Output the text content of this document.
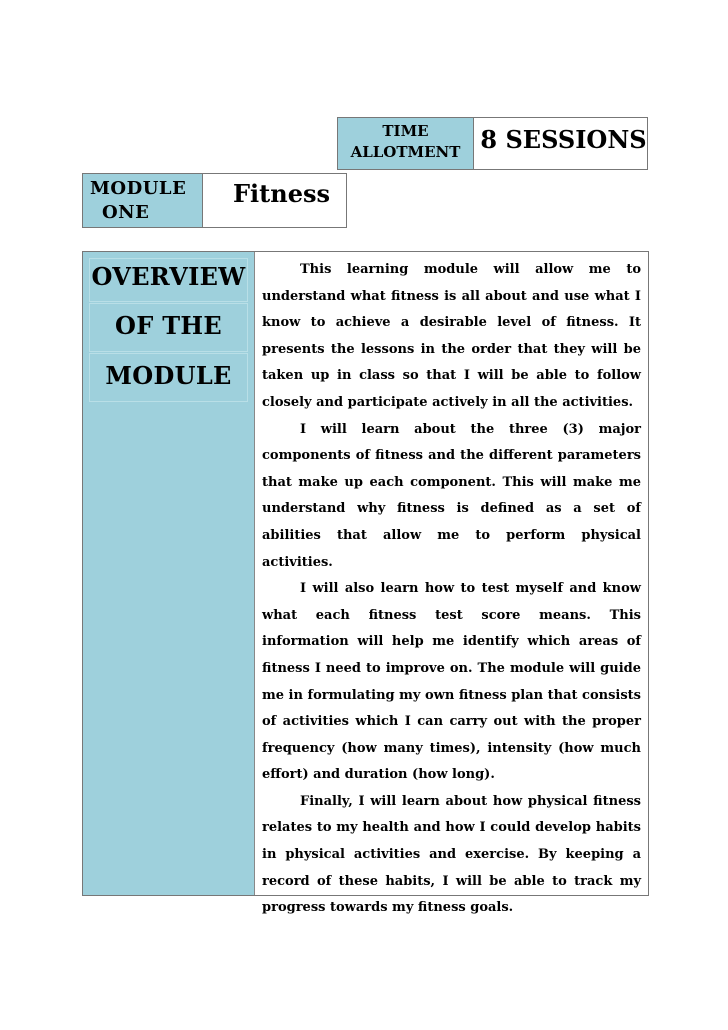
TIME
ALLOTMENT 8 SESSIONS
MODULE
ONE
Fitness
OVERVIEW
OF THE
MODULE

This learning module will allow me to understand what fitness is all about and use what I know to achieve a desirable level of fitness. It presents the lessons in the order that they will be taken up in class so that I will be able to follow closely and participate actively in all the activities.

I will learn about the three (3) major components of fitness and the different parameters that make up each component. This will make me understand why fitness is defined as a set of abilities that allow me to perform physical activities.

I will also learn how to test myself and know what each fitness test score means. This information will help me identify which areas of fitness I need to improve on. The module will guide me in formulating my own fitness plan that consists of activities which I can carry out with the proper frequency (how many times), intensity (how much effort) and duration (how long).

Finally, I will learn about how physical fitness relates to my health and how I could develop habits in physical activities and exercise. By keeping a record of these habits, I will be able to track my progress towards my fitness goals.
